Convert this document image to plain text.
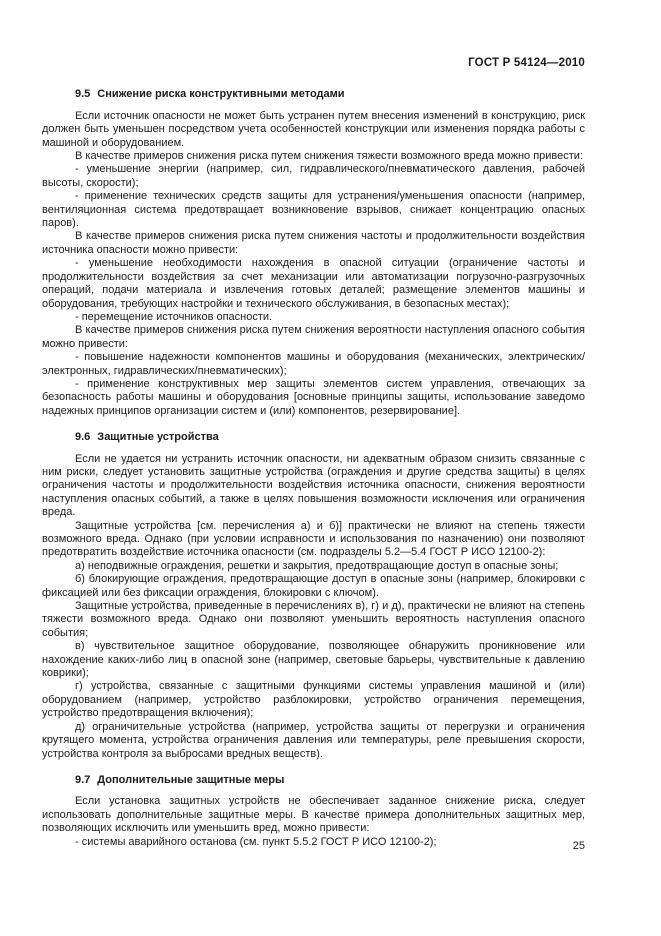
ГОСТ Р 54124—2010
9.5 Снижение риска конструктивными методами

Если источник опасности не может быть устранен путем внесения изменений в конструкцию, риск должен быть уменьшен посредством учета особенностей конструкции или изменения порядка работы с машиной и оборудованием.

В качестве примеров снижения риска путем снижения тяжести возможного вреда можно привести:

- уменьшение энергии (например, сил, гидравлического/пневматического давления, рабочей высоты, скорости);

- применение технических средств защиты для устранения/уменьшения опасности (например, вентиляционная система предотвращает возникновение взрывов, снижает концентрацию опасных паров).

В качестве примеров снижения риска путем снижения частоты и продолжительности воздействия источника опасности можно привести:

- уменьшение необходимости нахождения в опасной ситуации (ограничение частоты и продолжительности воздействия за счет механизации или автоматизации погрузочно-разгрузочных операций, подачи материала и извлечения готовых деталей; размещение элементов машины и оборудования, требующих настройки и технического обслуживания, в безопасных местах);

- перемещение источников опасности.

В качестве примеров снижения риска путем снижения вероятности наступления опасного события можно привести:

- повышение надежности компонентов машины и оборудования (механических, электрических/электронных, гидравлических/пневматических);

- применение конструктивных мер защиты элементов систем управления, отвечающих за безопасность работы машины и оборудования [основные принципы защиты, использование заведомо надежных принципов организации систем и (или) компонентов, резервирование].

9.6 Защитные устройства

Если не удается ни устранить источник опасности, ни адекватным образом снизить связанные с ним риски, следует установить защитные устройства (ограждения и другие средства защиты) в целях ограничения частоты и продолжительности воздействия источника опасности, снижения вероятности наступления опасных событий, а также в целях повышения возможности исключения или ограничения вреда.

Защитные устройства [см. перечисления а) и б)] практически не влияют на степень тяжести возможного вреда. Однако (при условии исправности и использования по назначению) они позволяют предотвратить воздействие источника опасности (см. подразделы 5.2—5.4 ГОСТ Р ИСО 12100-2):

а) неподвижные ограждения, решетки и закрытия, предотвращающие доступ в опасные зоны;

б) блокирующие ограждения, предотвращающие доступ в опасные зоны (например, блокировки с фиксацией или без фиксации ограждения, блокировки с ключом).

Защитные устройства, приведенные в перечислениях в), г) и д), практически не влияют на степень тяжести возможного вреда. Однако они позволяют уменьшить вероятность наступления опасного события;

в) чувствительное защитное оборудование, позволяющее обнаружить проникновение или нахождение каких-либо лиц в опасной зоне (например, световые барьеры, чувствительные к давлению коврики);

г) устройства, связанные с защитными функциями системы управления машиной и (или) оборудованием (например, устройство разблокировки, устройство ограничения перемещения, устройство предотвращения включения);

д) ограничительные устройства (например, устройства защиты от перегрузки и ограничения крутящего момента, устройства ограничения давления или температуры, реле превышения скорости, устройства контроля за выбросами вредных веществ).

9.7 Дополнительные защитные меры

Если установка защитных устройств не обеспечивает заданное снижение риска, следует использовать дополнительные защитные меры. В качестве примера дополнительных защитных мер, позволяющих исключить или уменьшить вред, можно привести:

- системы аварийного останова (см. пункт 5.5.2 ГОСТ Р ИСО 12100-2);	25
